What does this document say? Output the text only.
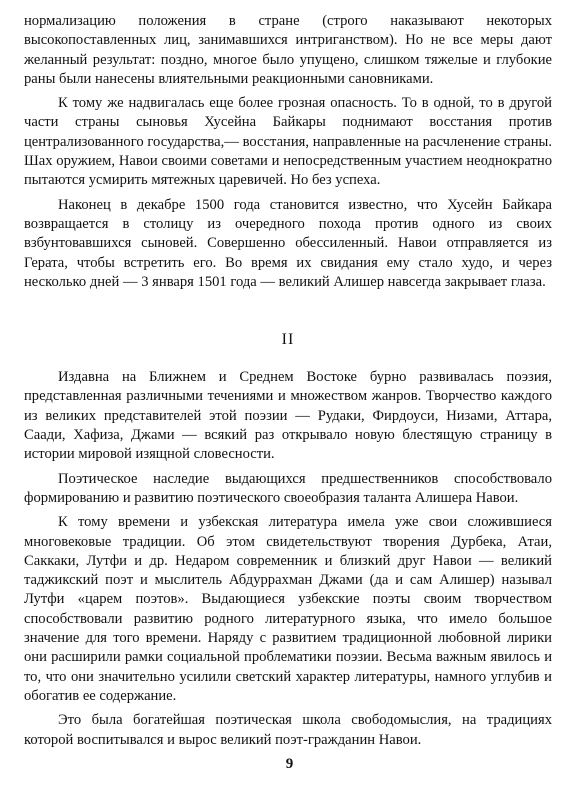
нормализацию положения в стране (строго наказывают некоторых высокопоставленных лиц, занимавшихся интриганством). Но не все меры дают желанный результат: поздно, многое было упущено, слишком тяжелые и глубокие раны были нанесены влиятельными реакционными сановниками.

К тому же надвигалась еще более грозная опасность. То в одной, то в другой части страны сыновья Хусейна Байкары поднимают восстания против централизованного государства,— восстания, направленные на расчленение страны. Шах оружием, Навои своими советами и непосредственным участием неоднократно пытаются усмирить мятежных царевичей. Но без успеха.

Наконец в декабре 1500 года становится известно, что Хусейн Байкара возвращается в столицу из очередного похода против одного из своих взбунтовавшихся сыновей. Совершенно обессиленный. Навои отправляется из Герата, чтобы встретить его. Во время их свидания ему стало худо, и через несколько дней — 3 января 1501 года — великий Алишер навсегда закрывает глаза.

II

Издавна на Ближнем и Среднем Востоке бурно развивалась поэзия, представленная различными течениями и множеством жанров. Творчество каждого из великих представителей этой поэзии — Рудаки, Фирдоуси, Низами, Аттара, Саади, Хафиза, Джами — всякий раз открывало новую блестящую страницу в истории мировой изящной словесности.

Поэтическое наследие выдающихся предшественников способствовало формированию и развитию поэтического своеобразия таланта Алишера Навои.

К тому времени и узбекская литература имела уже свои сложившиеся многовековые традиции. Об этом свидетельствуют творения Дурбека, Атаи, Саккаки, Лутфи и др. Недаром современник и близкий друг Навои — великий таджикский поэт и мыслитель Абдуррахман Джами (да и сам Алишер) называл Лутфи «царем поэтов». Выдающиеся узбекские поэты своим творчеством способствовали развитию родного литературного языка, что имело большое значение для того времени. Наряду с развитием традиционной любовной лирики они расширили рамки социальной проблематики поэзии. Весьма важным явилось и то, что они значительно усилили светский характер литературы, намного углубив и обогатив ее содержание.

Это была богатейшая поэтическая школа свободомыслия, на традициях которой воспитывался и вырос великий поэт-гражданин Навои.

9
